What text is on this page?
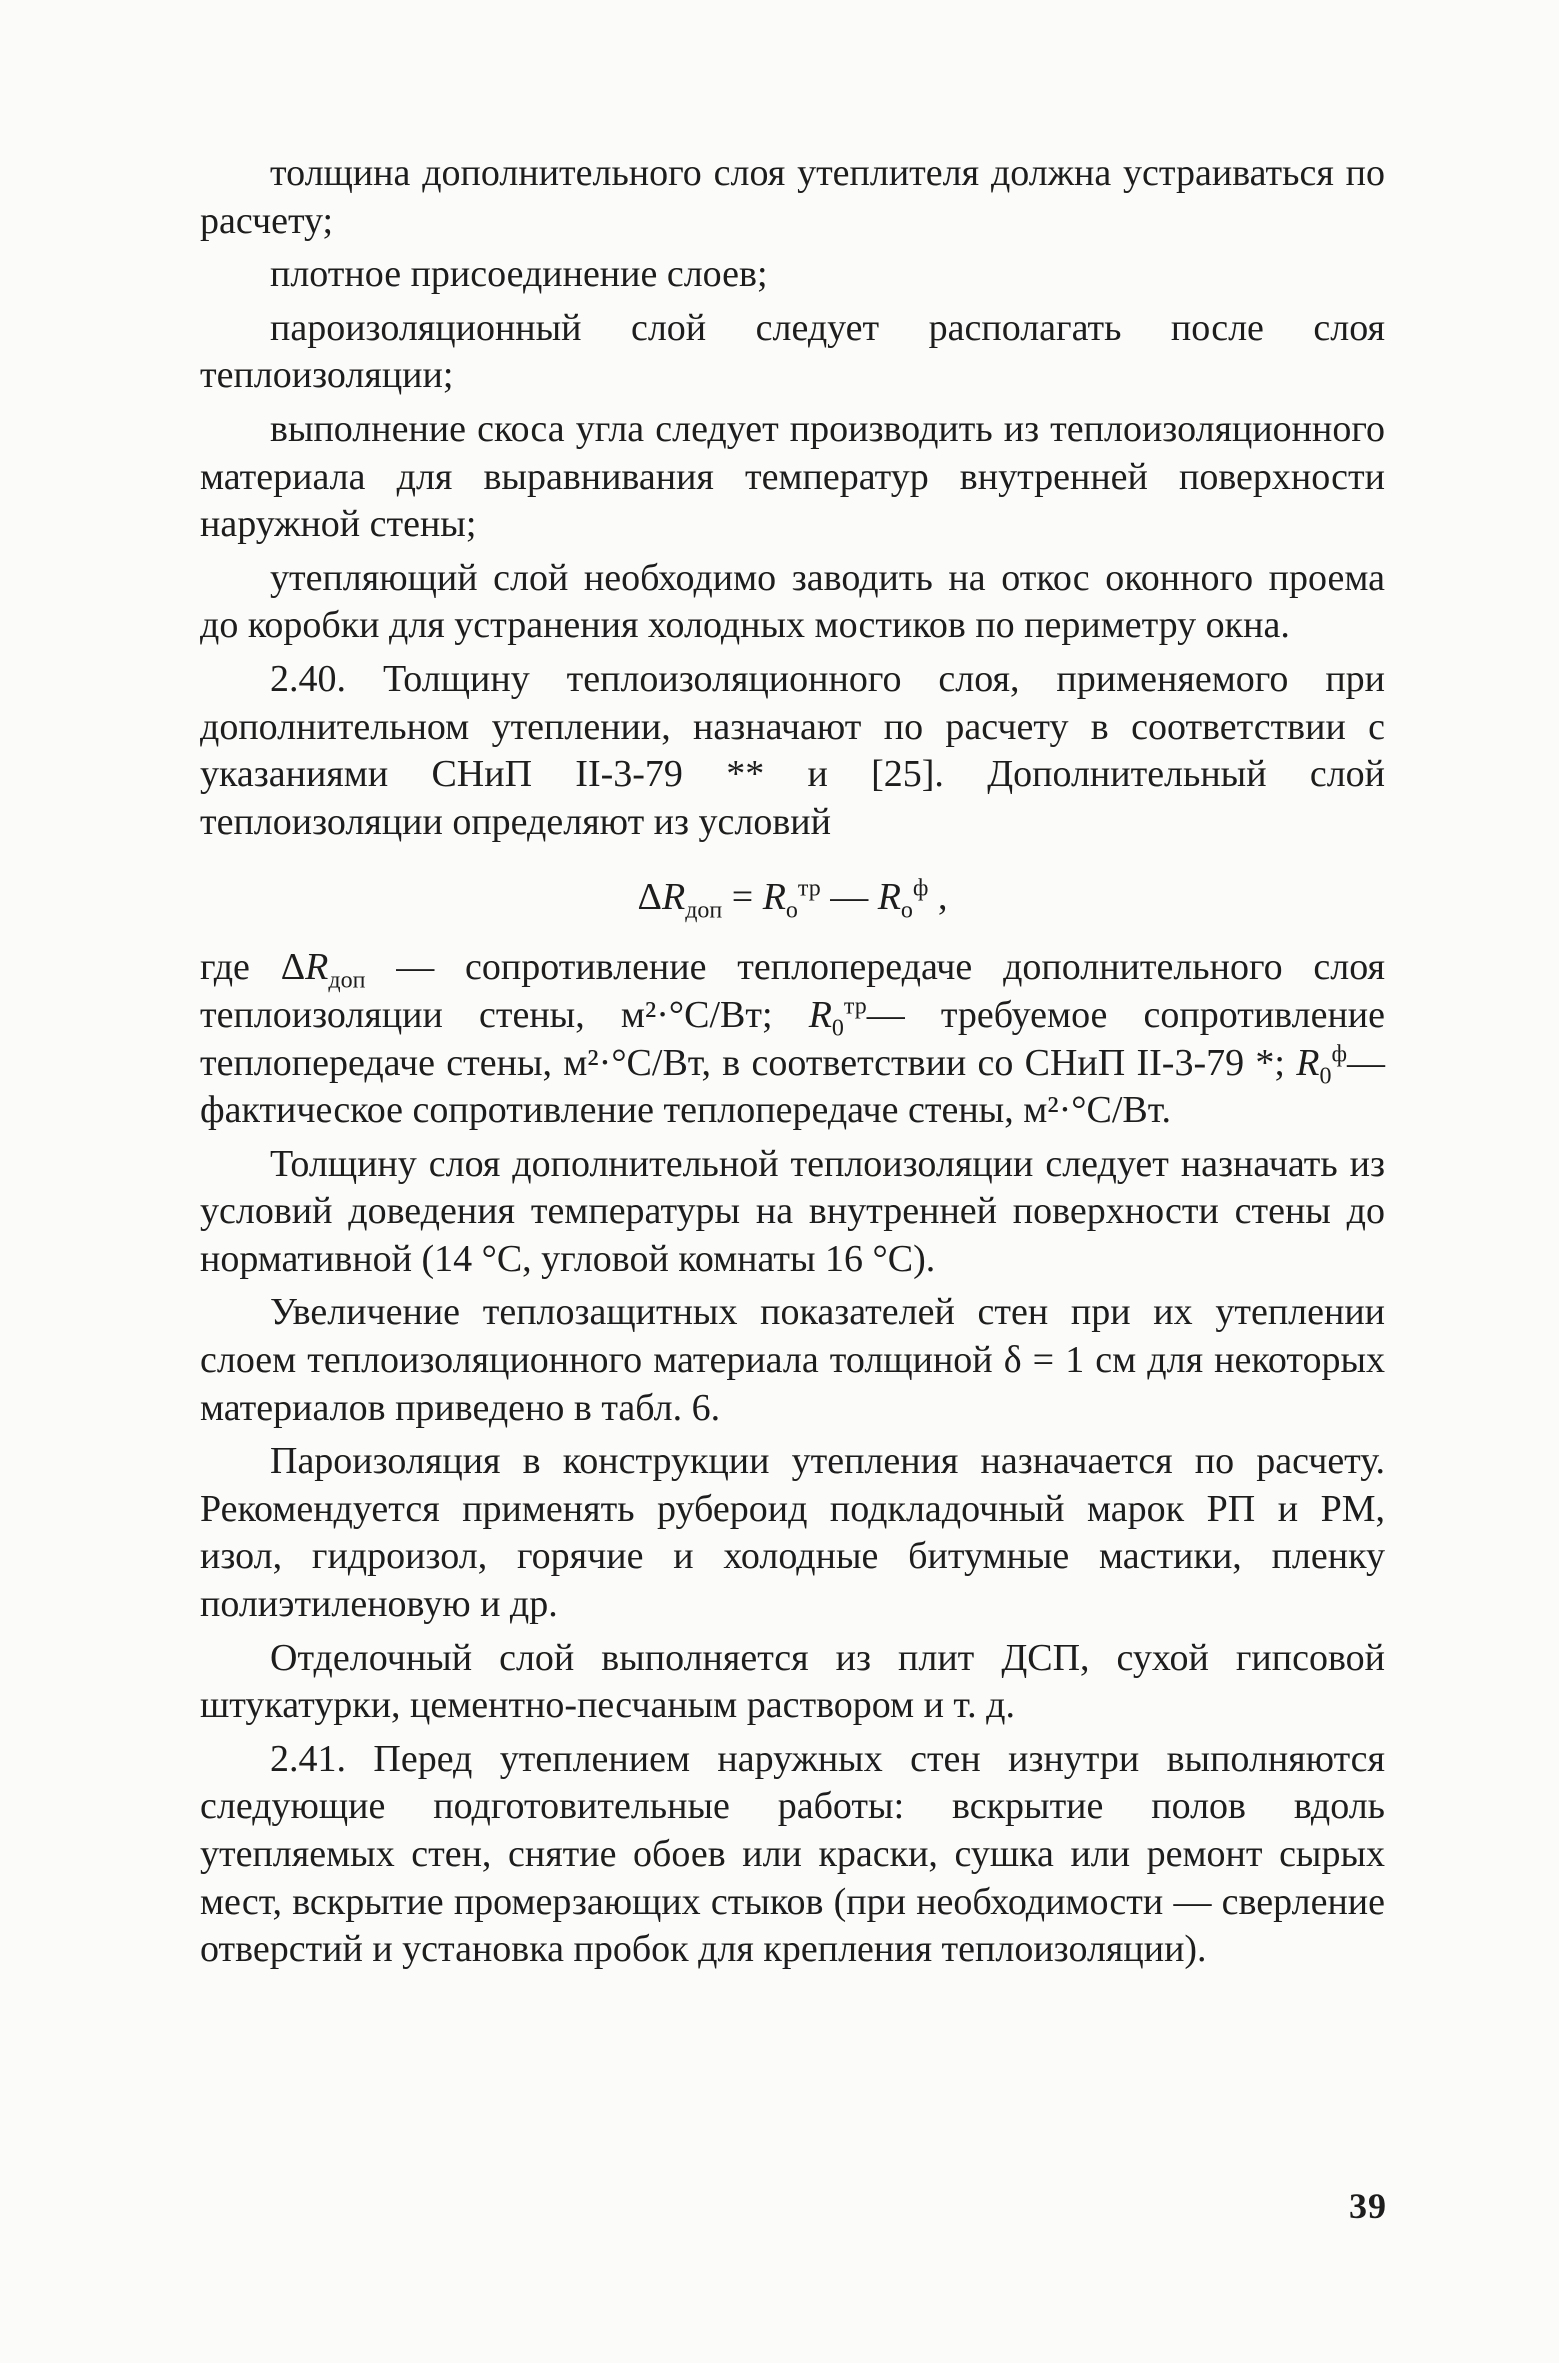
толщина дополнительного слоя утеплителя должна устраиваться по расчету;

плотное присоединение слоев;

пароизоляционный слой следует располагать после слоя теплоизоляции;

выполнение скоса угла следует производить из теплоизоляционного материала для выравнивания температур внутренней поверхности наружной стены;

утепляющий слой необходимо заводить на откос оконного проема до коробки для устранения холодных мостиков по периметру окна.

2.40. Толщину теплоизоляционного слоя, применяемого при дополнительном утеплении, назначают по расчету в соответствии с указаниями СНиП II-3-79 ** и [25]. Дополнительный слой теплоизоляции определяют из условий

$\Delta R_{доп} = R_о^{тр}$ — $R_о^ф$ ,

где $\Delta R_{доп}$ — сопротивление теплопередаче дополнительного слоя теплоизоляции стены, м²·°С/Вт; $R_0^{тр}—$ требуемое сопротивление теплопередаче стены, м²·°С/Вт, в соответствии со СНиП II-3-79 *; $R_0^ф—$ фактическое сопротивление теплопередаче стены, м²·°С/Вт.

Толщину слоя дополнительной теплоизоляции следует назначать из условий доведения температуры на внутренней поверхности стены до нормативной (14 °С, угловой комнаты 16 °С).

Увеличение теплозащитных показателей стен при их утеплении слоем теплоизоляционного материала толщиной δ = 1 см для некоторых материалов приведено в табл. 6.

Пароизоляция в конструкции утепления назначается по расчету. Рекомендуется применять рубероид подкладочный марок РП и РМ, изол, гидроизол, горячие и холодные битумные мастики, пленку полиэтиленовую и др.

Отделочный слой выполняется из плит ДСП, сухой гипсовой штукатурки, цементно-песчаным раствором и т. д.

2.41. Перед утеплением наружных стен изнутри выполняются следующие подготовительные работы: вскрытие полов вдоль утепляемых стен, снятие обоев или краски, сушка или ремонт сырых мест, вскрытие промерзающих стыков (при необходимости — сверление отверстий и установка пробок для крепления теплоизоляции).

39
